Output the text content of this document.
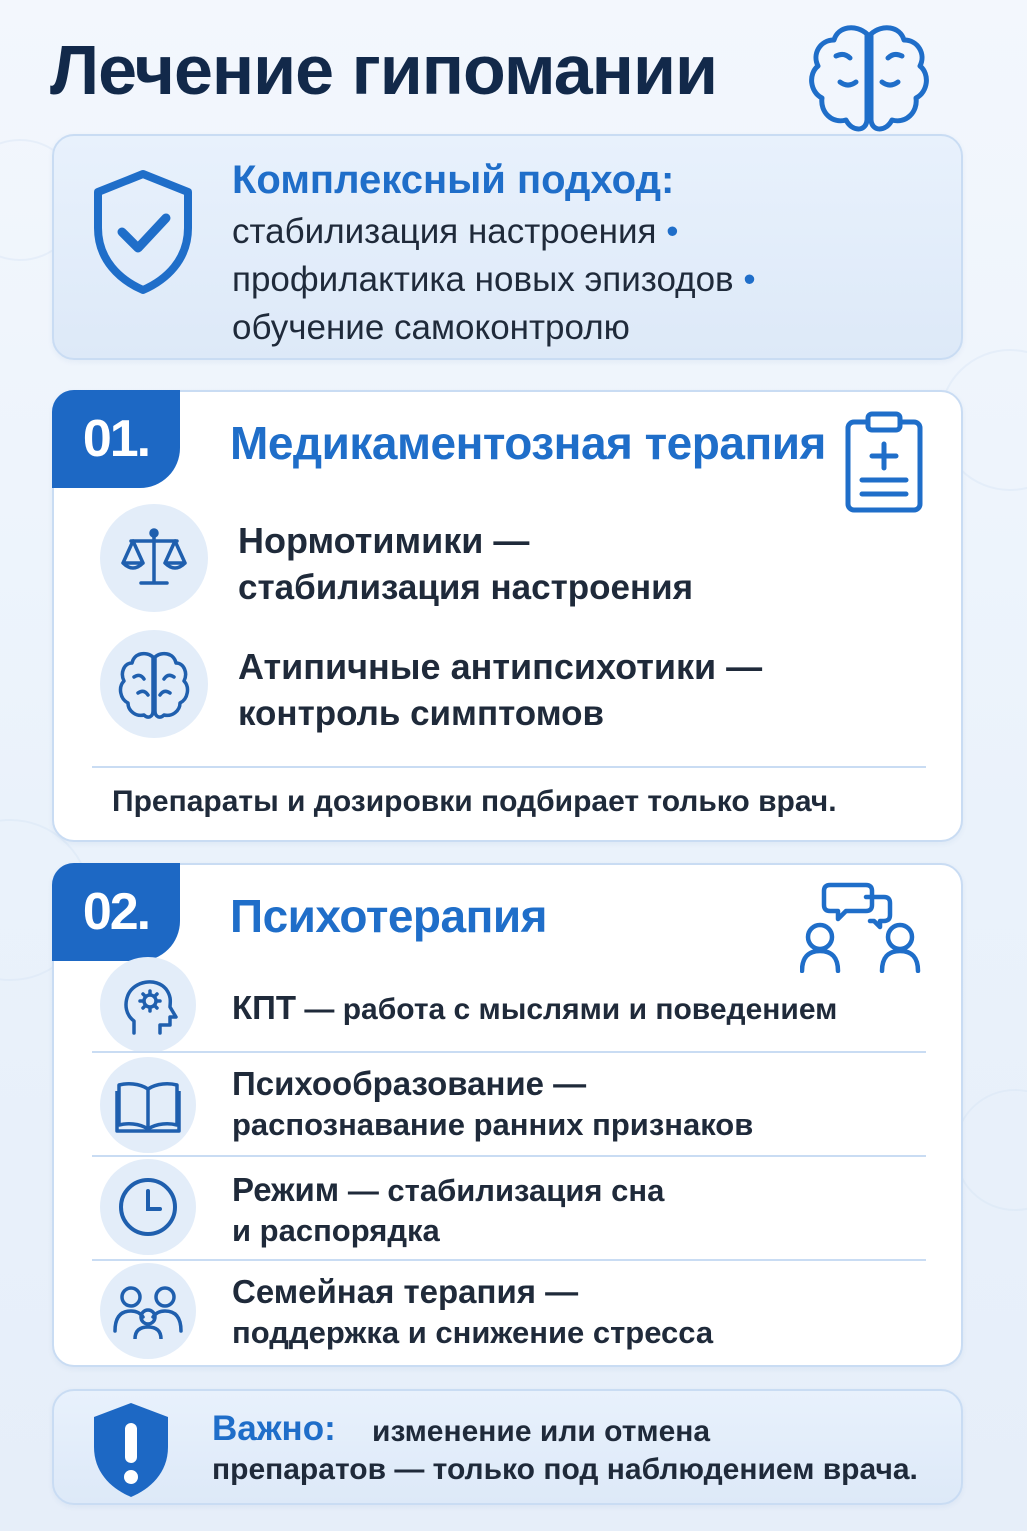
Лечение гипомании
Комплексный подход:
стабилизация настроения •
профилактика новых эпизодов •
обучение самоконтролю
01.	Медикаментозная терапия
Нормотимики —
стабилизация настроения
Атипичные антипсихотики —
контроль симптомов
Препараты и дозировки подбирает только врач.
02.	Психотерапия
КПТ — работа с мыслями и поведением
Психообразование —
распознавание ранних признаков
Режим — стабилизация сна
и распорядка
Семейная терапия —
поддержка и снижение стресса
Важно: изменение или отмена
препаратов — только под наблюдением врача.
